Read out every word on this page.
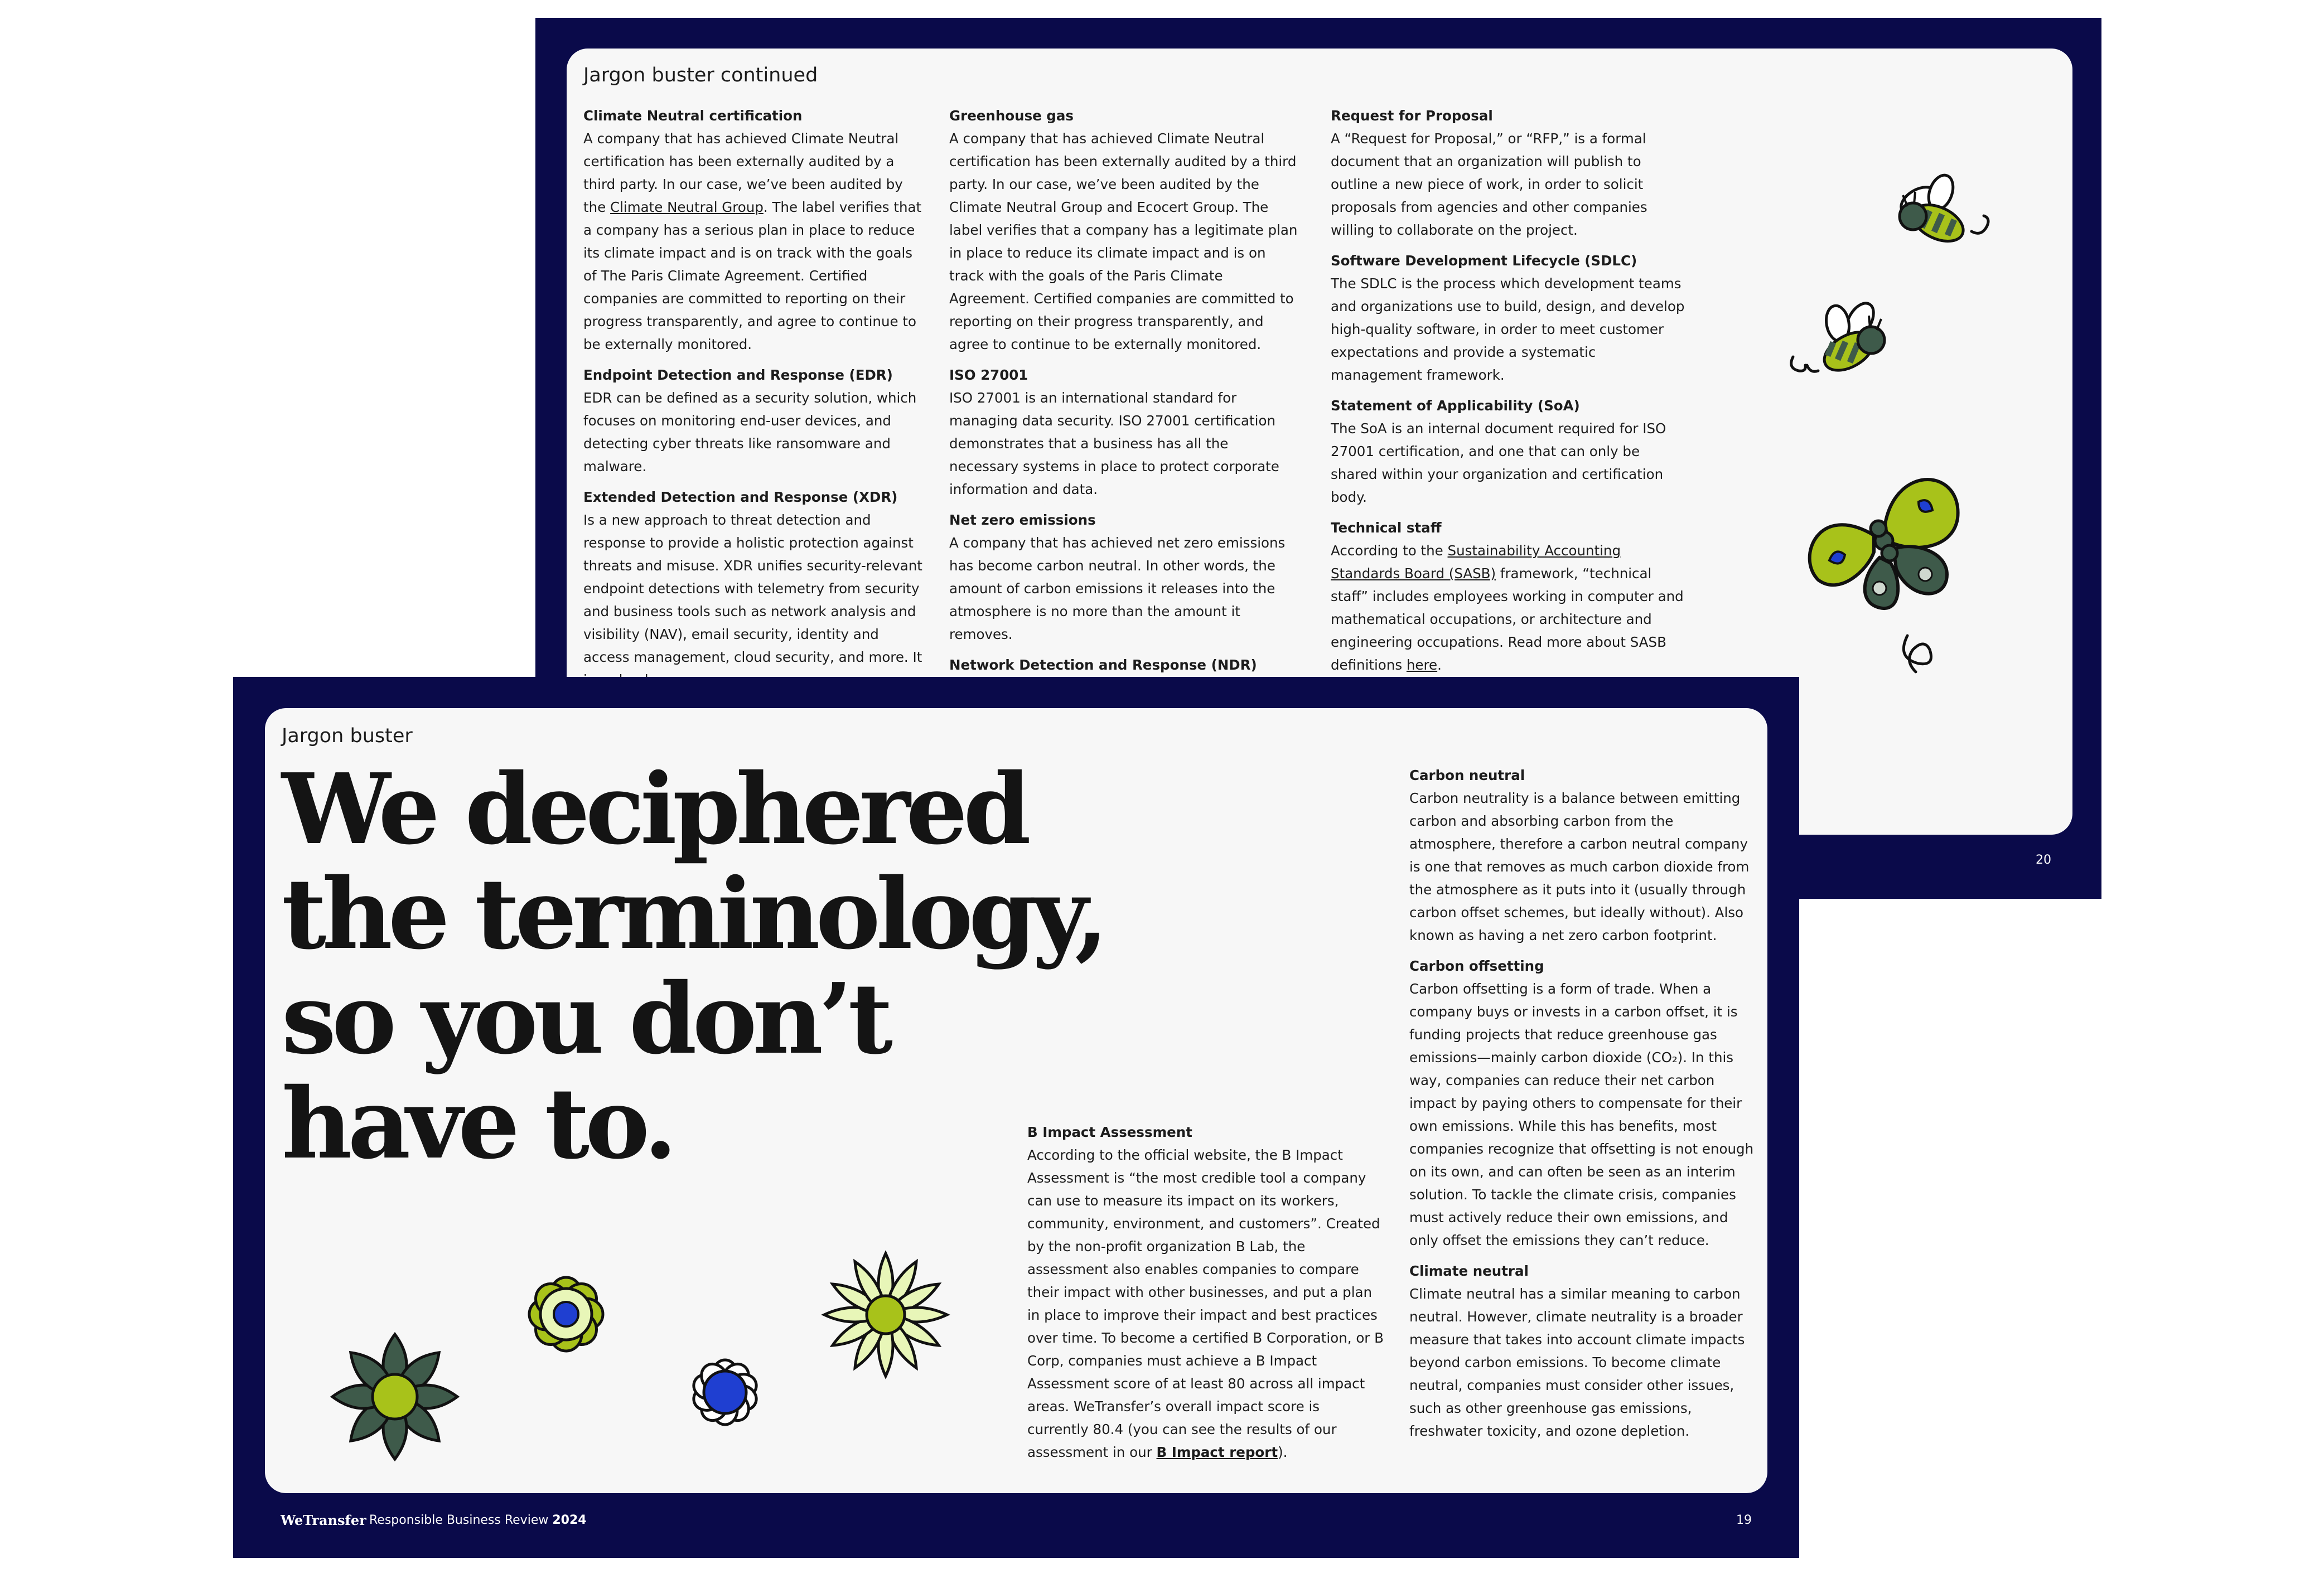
Jargon buster continued

Climate Neutral certification

A company that has achieved Climate Neutral certification has been externally audited by a third party. In our case, we’ve been audited by the Climate Neutral Group. The label verifies that a company has a serious plan in place to reduce its climate impact and is on track with the goals of The Paris Climate Agreement. Certified companies are committed to reporting on their progress transparently, and agree to continue to be externally monitored.

Endpoint Detection and Response (EDR)

EDR can be defined as a security solution, which focuses on monitoring end-user devices, and detecting cyber threats like ransomware and malware.

Extended Detection and Response (XDR)

Is a new approach to threat detection and response to provide a holistic protection against threats and misuse. XDR unifies security-relevant endpoint detections with telemetry from security and business tools such as network analysis and visibility (NAV), email security, identity and access management, cloud security, and more. It

Greenhouse gas

A company that has achieved Climate Neutral certification has been externally audited by a third party. In our case, we’ve been audited by the Climate Neutral Group and Ecocert Group. The label verifies that a company has a legitimate plan in place to reduce its climate impact and is on track with the goals of the Paris Climate Agreement. Certified companies are committed to reporting on their progress transparently, and agree to continue to be externally monitored.

ISO 27001

ISO 27001 is an international standard for managing data security. ISO 27001 certification demonstrates that a business has all the necessary systems in place to protect corporate information and data.

Net zero emissions

A company that has achieved net zero emissions has become carbon neutral. In other words, the amount of carbon emissions it releases into the atmosphere is no more than the amount it removes.

Network Detection and Response (NDR)

Request for Proposal

A “Request for Proposal,” or “RFP,” is a formal document that an organization will publish to outline a new piece of work, in order to solicit proposals from agencies and other companies willing to collaborate on the project.

Software Development Lifecycle (SDLC)

The SDLC is the process which development teams and organizations use to build, design, and develop high-quality software, in order to meet customer expectations and provide a systematic management framework.

Statement of Applicability (SoA)

The SoA is an internal document required for ISO 27001 certification, and one that can only be shared within your organization and certification body.

Technical staff

According to the Sustainability Accounting Standards Board (SASB) framework, “technical staff” includes employees working in computer and mathematical occupations, or architecture and engineering occupations. Read more about SASB definitions here.

20
Jargon buster
We deciphered
the terminology,
so you don’t
have to.	B Impact Assessment

According to the official website, the B Impact Assessment is “the most credible tool a company can use to measure its impact on its workers, community, environment, and customers”. Created by the non-profit organization B Lab, the assessment also enables companies to compare their impact with other businesses, and put a plan in place to improve their impact and best practices over time. To become a certified B Corporation, or B Corp, companies must achieve a B Impact Assessment score of at least 80 across all impact areas. WeTransfer’s overall impact score is currently 80.4 (you can see the results of our assessment in our B Impact report).

Carbon neutral

Carbon neutrality is a balance between emitting carbon and absorbing carbon from the atmosphere, therefore a carbon neutral company is one that removes as much carbon dioxide from the atmosphere as it puts into it (usually through carbon offset schemes, but ideally without). Also known as having a net zero carbon footprint.

Carbon offsetting

Carbon offsetting is a form of trade. When a company buys or invests in a carbon offset, it is funding projects that reduce greenhouse gas emissions—mainly carbon dioxide (CO₂). In this way, companies can reduce their net carbon impact by paying others to compensate for their own emissions. While this has benefits, most companies recognize that offsetting is not enough on its own, and can often be seen as an interim solution. To tackle the climate crisis, companies must actively reduce their own emissions, and only offset the emissions they can’t reduce.

Climate neutral

Climate neutral has a similar meaning to carbon neutral. However, climate neutrality is a broader measure that takes into account climate impacts beyond carbon emissions. To become climate neutral, companies must consider other issues, such as other greenhouse gas emissions, freshwater toxicity, and ozone depletion.

WeTransfer Responsible Business Review 2024	19
